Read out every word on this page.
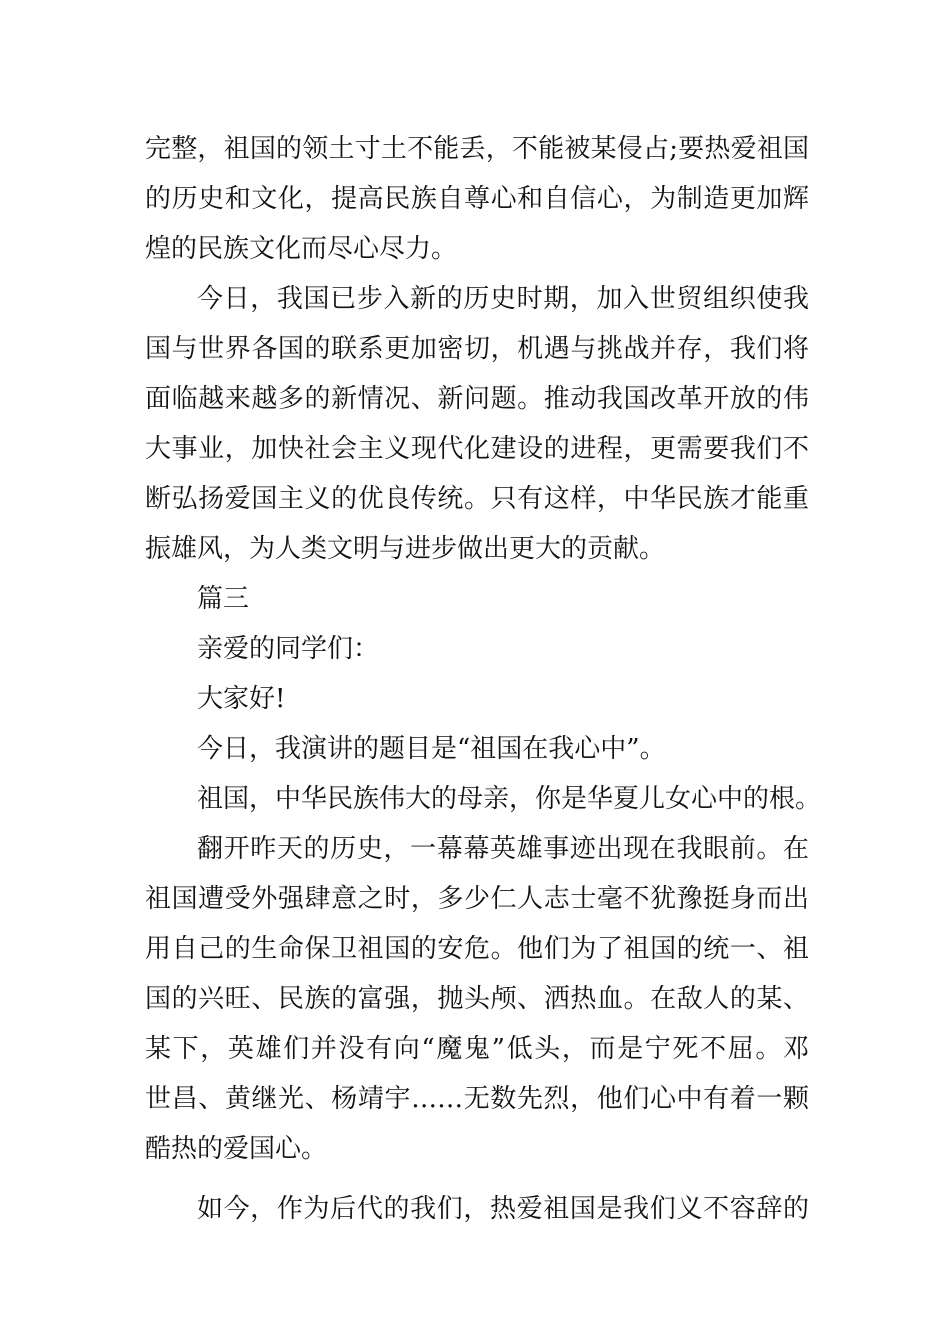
完整，祖国的领土寸土不能丢，不能被某侵占;要热爱祖国
的历史和文化，提高民族自尊心和自信心，为制造更加辉
煌的民族文化而尽心尽力。
今日，我国已步入新的历史时期，加入世贸组织使我
国与世界各国的联系更加密切，机遇与挑战并存，我们将
面临越来越多的新情况、新问题。推动我国改革开放的伟
大事业，加快社会主义现代化建设的进程，更需要我们不
断弘扬爱国主义的优良传统。只有这样，中华民族才能重
振雄风，为人类文明与进步做出更大的贡献。
篇三
亲爱的同学们：
大家好!
今日，我演讲的题目是“祖国在我心中”。
祖国，中华民族伟大的母亲，你是华夏儿女心中的根。
翻开昨天的历史，一幕幕英雄事迹出现在我眼前。在
祖国遭受外强肆意之时，多少仁人志士毫不犹豫挺身而出
用自己的生命保卫祖国的安危。他们为了祖国的统一、祖
国的兴旺、民族的富强，抛头颅、洒热血。在敌人的某、
某下，英雄们并没有向“魔鬼”低头，而是宁死不屈。邓
世昌、黄继光、杨靖宇……无数先烈，他们心中有着一颗
酷热的爱国心。
如今，作为后代的我们，热爱祖国是我们义不容辞的
